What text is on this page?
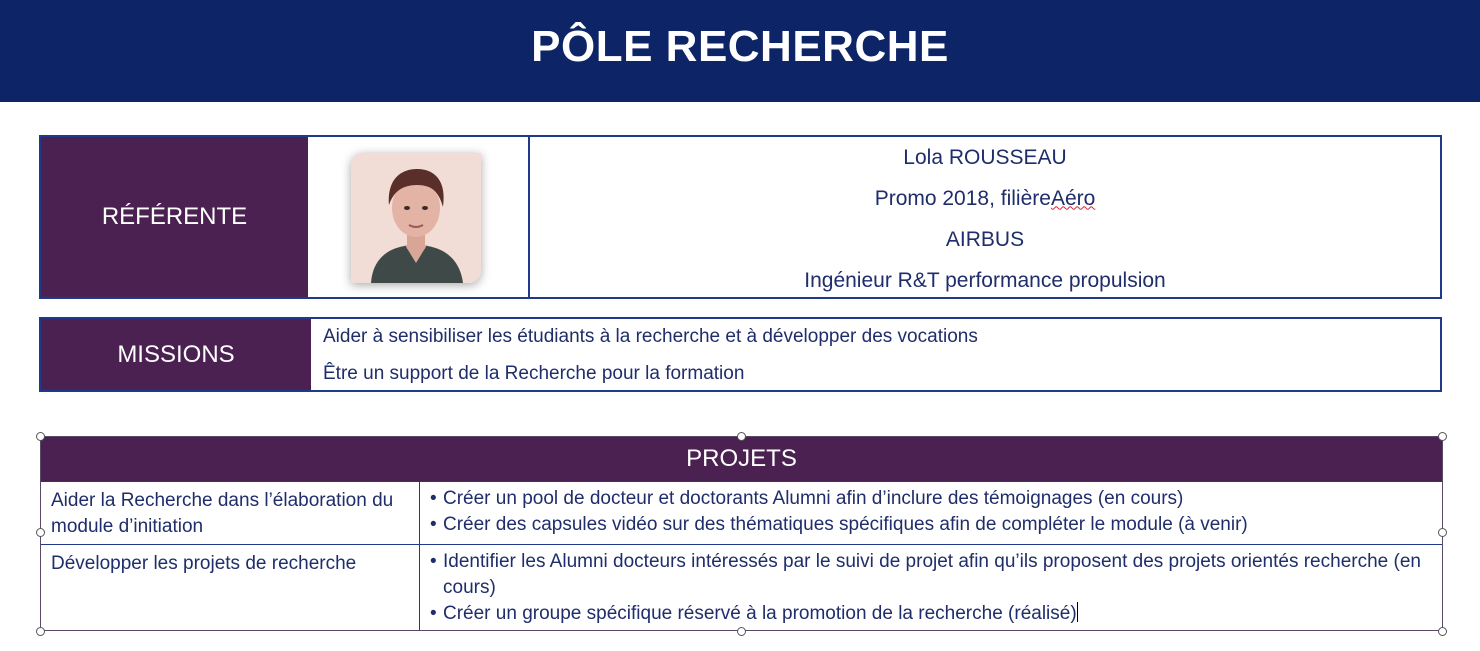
PÔLE RECHERCHE
RÉFÉRENTE
Lola ROUSSEAU
Promo 2018, filière Aéro
AIRBUS
Ingénieur R&T performance propulsion
MISSIONS
Aider à sensibiliser les étudiants à la recherche et à développer des vocations
Être un support de la Recherche pour la formation
PROJETS
Aider la Recherche dans l’élaboration du module d’initiation
• Créer un pool de docteur et doctorants Alumni afin d’inclure des témoignages (en cours)
• Créer des capsules vidéo sur des thématiques spécifiques afin de compléter le module (à venir)
Développer les projets de recherche
•	Identifier les Alumni docteurs intéressés par le suivi de projet afin qu’ils proposent des projets orientés recherche (en cours)
• Créer un groupe spécifique réservé à la promotion de la recherche (réalisé)
